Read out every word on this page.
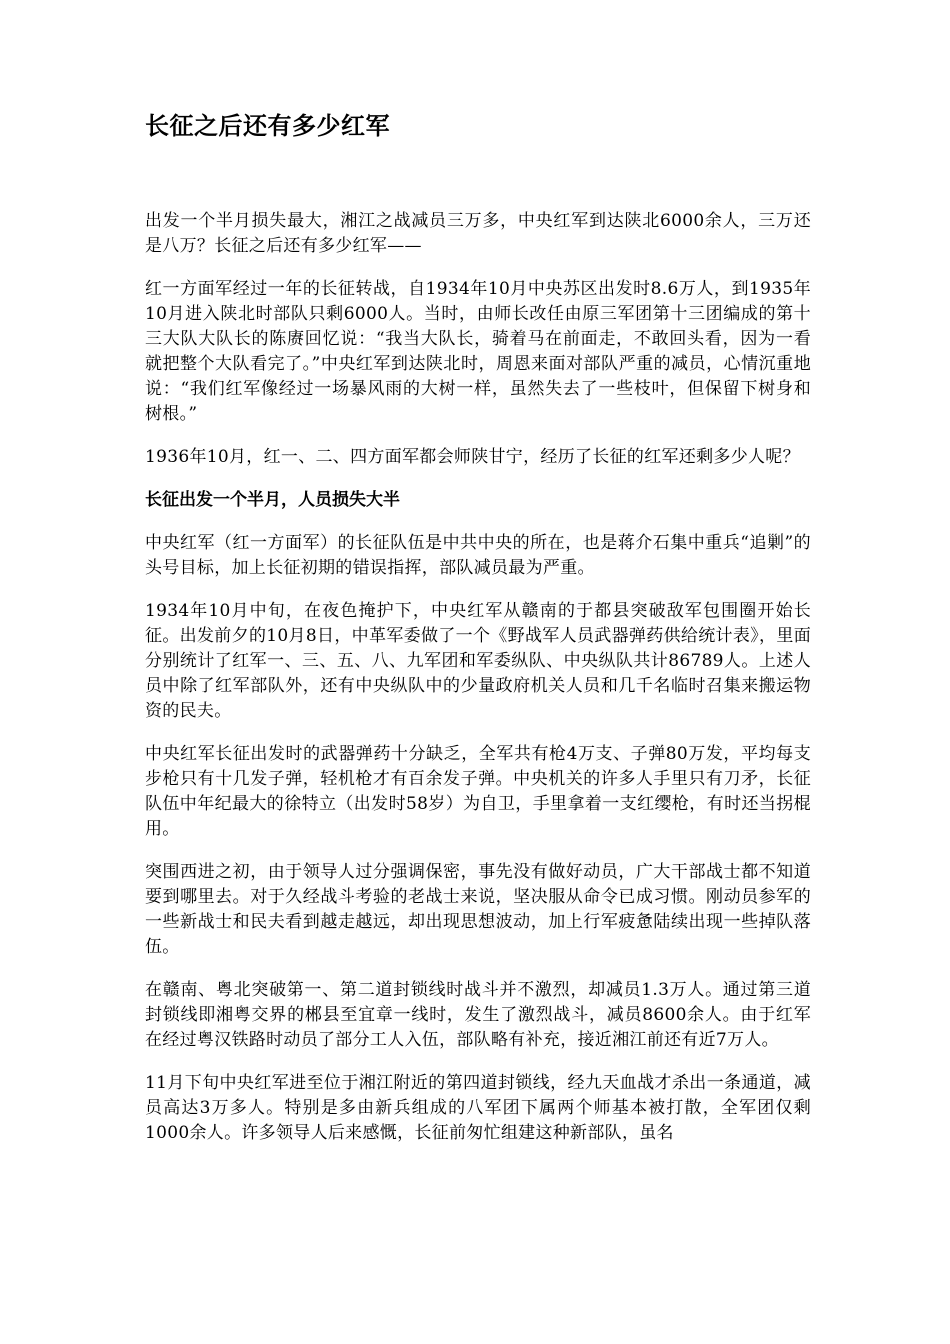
长征之后还有多少红军

出发一个半月损失最大，湘江之战减员三万多，中央红军到达陕北6000余人，三万还是八万？长征之后还有多少红军——

红一方面军经过一年的长征转战，自1934年10月中央苏区出发时8.6万人，到1935年10月进入陕北时部队只剩6000人。当时，由师长改任由原三军团第十三团编成的第十三大队大队长的陈赓回忆说：“我当大队长，骑着马在前面走，不敢回头看，因为一看就把整个大队看完了。”中央红军到达陕北时，周恩来面对部队严重的减员，心情沉重地说：“我们红军像经过一场暴风雨的大树一样，虽然失去了一些枝叶，但保留下树身和树根。”

1936年10月，红一、二、四方面军都会师陕甘宁，经历了长征的红军还剩多少人呢？

长征出发一个半月，人员损失大半

中央红军（红一方面军）的长征队伍是中共中央的所在，也是蒋介石集中重兵“追剿”的头号目标，加上长征初期的错误指挥，部队减员最为严重。

1934年10月中旬，在夜色掩护下，中央红军从赣南的于都县突破敌军包围圈开始长征。出发前夕的10月8日，中革军委做了一个《野战军人员武器弹药供给统计表》，里面分别统计了红军一、三、五、八、九军团和军委纵队、中央纵队共计86789人。上述人员中除了红军部队外，还有中央纵队中的少量政府机关人员和几千名临时召集来搬运物资的民夫。

中央红军长征出发时的武器弹药十分缺乏，全军共有枪4万支、子弹80万发，平均每支步枪只有十几发子弹，轻机枪才有百余发子弹。中央机关的许多人手里只有刀矛，长征队伍中年纪最大的徐特立（出发时58岁）为自卫，手里拿着一支红缨枪，有时还当拐棍用。

突围西进之初，由于领导人过分强调保密，事先没有做好动员，广大干部战士都不知道要到哪里去。对于久经战斗考验的老战士来说，坚决服从命令已成习惯。刚动员参军的一些新战士和民夫看到越走越远，却出现思想波动，加上行军疲惫陆续出现一些掉队落伍。

在赣南、粤北突破第一、第二道封锁线时战斗并不激烈，却减员1.3万人。通过第三道封锁线即湘粤交界的郴县至宜章一线时，发生了激烈战斗，减员8600余人。由于红军在经过粤汉铁路时动员了部分工人入伍，部队略有补充，接近湘江前还有近7万人。

11月下旬中央红军进至位于湘江附近的第四道封锁线，经九天血战才杀出一条通道，减员高达3万多人。特别是多由新兵组成的八军团下属两个师基本被打散，全军团仅剩1000余人。许多领导人后来感慨，长征前匆忙组建这种新部队，虽名
